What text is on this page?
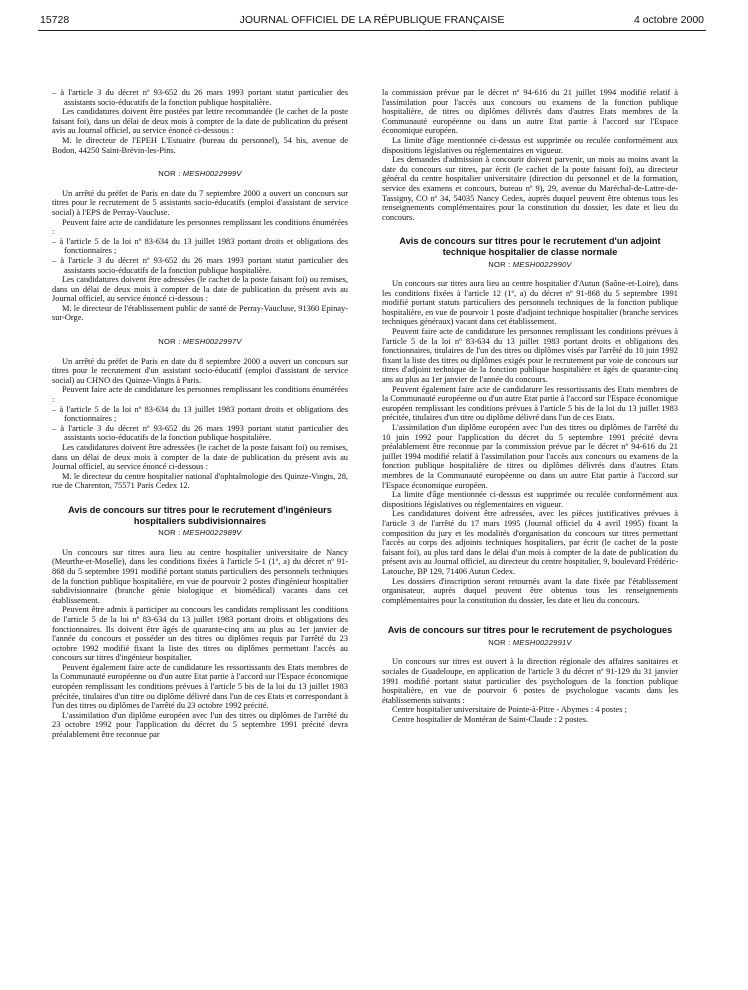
15728	JOURNAL OFFICIEL DE LA RÉPUBLIQUE FRANÇAISE	4 octobre 2000

– à l'article 3 du décret nº 93-652 du 26 mars 1993 portant statut particulier des assistants socio-éducatifs de la fonction publique hospitalière.

Les candidatures doivent être postées par lettre recommandée (le cachet de la poste faisant foi), dans un délai de deux mois à compter de la date de publication du présent avis au Journal officiel, au service énoncé ci-dessous :

M. le directeur de l'EPEH L'Estuaire (bureau du personnel), 54 bis, avenue de Bodon, 44250 Saint-Brévin-les-Pins.

NOR : MESH0022999V

Un arrêté du préfet de Paris en date du 7 septembre 2000 a ouvert un concours sur titres pour le recrutement de 5 assistants socio-éducatifs (emploi d'assistant de service social) à l'EPS de Perray-Vaucluse.

Peuvent faire acte de candidature les personnes remplissant les conditions énumérées :

– à l'article 5 de la loi nº 83-634 du 13 juillet 1983 portant droits et obligations des fonctionnaires ;

– à l'article 3 du décret nº 93-652 du 26 mars 1993 portant statut particulier des assistants socio-éducatifs de la fonction publique hospitalière.

Les candidatures doivent être adressées (le cachet de la poste faisant foi) ou remises, dans un délai de deux mois à compter de la date de publication du présent avis au Journal officiel, au service énoncé ci-dessous :

M. le directeur de l'établissement public de santé de Perray-Vaucluse, 91360 Epinay-sur-Orge.

NOR : MESH0022997V

Un arrêté du préfet de Paris en date du 8 septembre 2000 a ouvert un concours sur titres pour le recrutement d'un assistant socio-éducatif (emploi d'assistant de service social) au CHNO des Quinze-Vingts à Paris.

Peuvent faire acte de candidature les personnes remplissant les conditions énumérées :

– à l'article 5 de la loi nº 83-634 du 13 juillet 1983 portant droits et obligations des fonctionnaires ;

– à l'article 3 du décret nº 93-652 du 26 mars 1993 portant statut particulier des assistants socio-éducatifs de la fonction publique hospitalière.

Les candidatures doivent être adressées (le cachet de la poste faisant foi) ou remises, dans un délai de deux mois à compter de la date de publication du présent avis au Journal officiel, au service énoncé ci-dessous :

M. le directeur du centre hospitalier national d'ophtalmologie des Quinze-Vingts, 28, rue de Charenton, 75571 Paris Cedex 12.

Avis de concours sur titres pour le recrutement d'ingénieurs hospitaliers subdivisionnaires
NOR : MESH0022989V

Un concours sur titres aura lieu au centre hospitalier universitaire de Nancy (Meurthe-et-Moselle), dans les conditions fixées à l'article 5-1 (1º, a) du décret nº 91-868 du 5 septembre 1991 modifié portant statuts particuliers des personnels techniques de la fonction publique hospitalière, en vue de pourvoir 2 postes d'ingénieur hospitalier subdivisionnaire (branche génie biologique et biomédical) vacants dans cet établissement.

Peuvent être admis à participer au concours les candidats remplissant les conditions de l'article 5 de la loi nº 83-634 du 13 juillet 1983 portant droits et obligations des fonctionnaires. Ils doivent être âgés de quarante-cinq ans au plus au 1er janvier de l'année du concours et posséder un des titres ou diplômes requis par l'arrêté du 23 octobre 1992 modifié fixant la liste des titres ou diplômes permettant l'accès au concours sur titres d'ingénieur hospitalier.

Peuvent également faire acte de candidature les ressortissants des Etats membres de la Communauté européenne ou d'un autre Etat partie à l'accord sur l'Espace économique européen remplissant les conditions prévues à l'article 5 bis de la loi du 13 juillet 1983 précitée, titulaires d'un titre ou diplôme délivré dans l'un de ces Etats et correspondant à l'un des titres ou diplômes de l'arrêté du 23 octobre 1992 précité.

L'assimilation d'un diplôme européen avec l'un des titres ou diplômes de l'arrêté du 23 octobre 1992 pour l'application du décret du 5 septembre 1991 précité devra préalablement être reconnue par

la commission prévue par le décret nº 94-616 du 21 juillet 1994 modifié relatif à l'assimilation pour l'accès aux concours ou examens de la fonction publique hospitalière, de titres ou diplômes délivrés dans d'autres Etats membres de la Communauté européenne ou dans un autre Etat partie à l'accord sur l'Espace économique européen.

La limite d'âge mentionnée ci-dessus est supprimée ou reculée conformément aux dispositions législatives ou réglementaires en vigueur.

Les demandes d'admission à concourir doivent parvenir, un mois au moins avant la date du concours sur titres, par écrit (le cachet de la poste faisant foi), au directeur général du centre hospitalier universitaire (direction du personnel et de la formation, service des examens et concours, bureau nº 9), 29, avenue du Maréchal-de-Lattre-de-Tassigny, CO nº 34, 54035 Nancy Cedex, auprès duquel peuvent être obtenus tous les renseignements complémentaires pour la constitution du dossier, les date et lieu du concours.

Avis de concours sur titres pour le recrutement d'un adjoint technique hospitalier de classe normale
NOR : MESH0022990V

Un concours sur titres aura lieu au centre hospitalier d'Autun (Saône-et-Loire), dans les conditions fixées à l'article 12 (1º, a) du décret nº 91-868 du 5 septembre 1991 modifié portant statuts particuliers des personnels techniques de la fonction publique hospitalière, en vue de pourvoir 1 poste d'adjoint technique hospitalier (branche services techniques généraux) vacant dans cet établissement.

Peuvent faire acte de candidature les personnes remplissant les conditions prévues à l'article 5 de la loi nº 83-634 du 13 juillet 1983 portant droits et obligations des fonctionnaires, titulaires de l'un des titres ou diplômes visés par l'arrêté du 10 juin 1992 fixant la liste des titres ou diplômes exigés pour le recrutement par voie de concours sur titres d'adjoint technique de la fonction publique hospitalière et âgés de quarante-cinq ans au plus au 1er janvier de l'année du concours.

Peuvent également faire acte de candidature les ressortissants des Etats membres de la Communauté européenne ou d'un autre Etat partie à l'accord sur l'Espace économique européen remplissant les conditions prévues à l'article 5 bis de la loi du 13 juillet 1983 précitée, titulaires d'un titre ou diplôme délivré dans l'un de ces Etats.

L'assimilation d'un diplôme européen avec l'un des titres ou diplômes de l'arrêté du 10 juin 1992 pour l'application du décret du 5 septembre 1991 précité devra préalablement être reconnue par la commission prévue par le décret nº 94-616 du 21 juillet 1994 modifié relatif à l'assimilation pour l'accès aux concours ou examens de la fonction publique hospitalière de titres ou diplômes délivrés dans d'autres Etats membres de la Communauté européenne ou dans un autre Etat partie à l'accord sur l'Espace économique européen.

La limite d'âge mentionnée ci-dessus est supprimée ou reculée conformément aux dispositions législatives ou réglementaires en vigueur.

Les candidatures doivent être adressées, avec les pièces justificatives prévues à l'article 3 de l'arrêté du 17 mars 1995 (Journal officiel du 4 avril 1995) fixant la composition du jury et les modalités d'organisation du concours sur titres permettant l'accès au corps des adjoints techniques hospitaliers, par écrit (le cachet de la poste faisant foi), au plus tard dans le délai d'un mois à compter de la date de publication du présent avis au Journal officiel, au directeur du centre hospitalier, 9, boulevard Frédéric-Latouche, BP 129, 71406 Autun Cedex.

Les dossiers d'inscription seront retournés avant la date fixée par l'établissement organisateur, auprès duquel peuvent être obtenus tous les renseignements complémentaires pour la constitution du dossier, les date et lieu du concours.

Avis de concours sur titres pour le recrutement de psychologues
NOR : MESH0022991V

Un concours sur titres est ouvert à la direction régionale des affaires sanitaires et sociales de Guadeloupe, en application de l'article 3 du décret nº 91-129 du 31 janvier 1991 modifié portant statut particulier des psychologues de la fonction publique hospitalière, en vue de pourvoir 6 postes de psychologue vacants dans les établissements suivants :

Centre hospitalier universitaire de Pointe-à-Pitre - Abymes : 4 postes ;

Centre hospitalier de Montéran de Saint-Claude : 2 postes.
